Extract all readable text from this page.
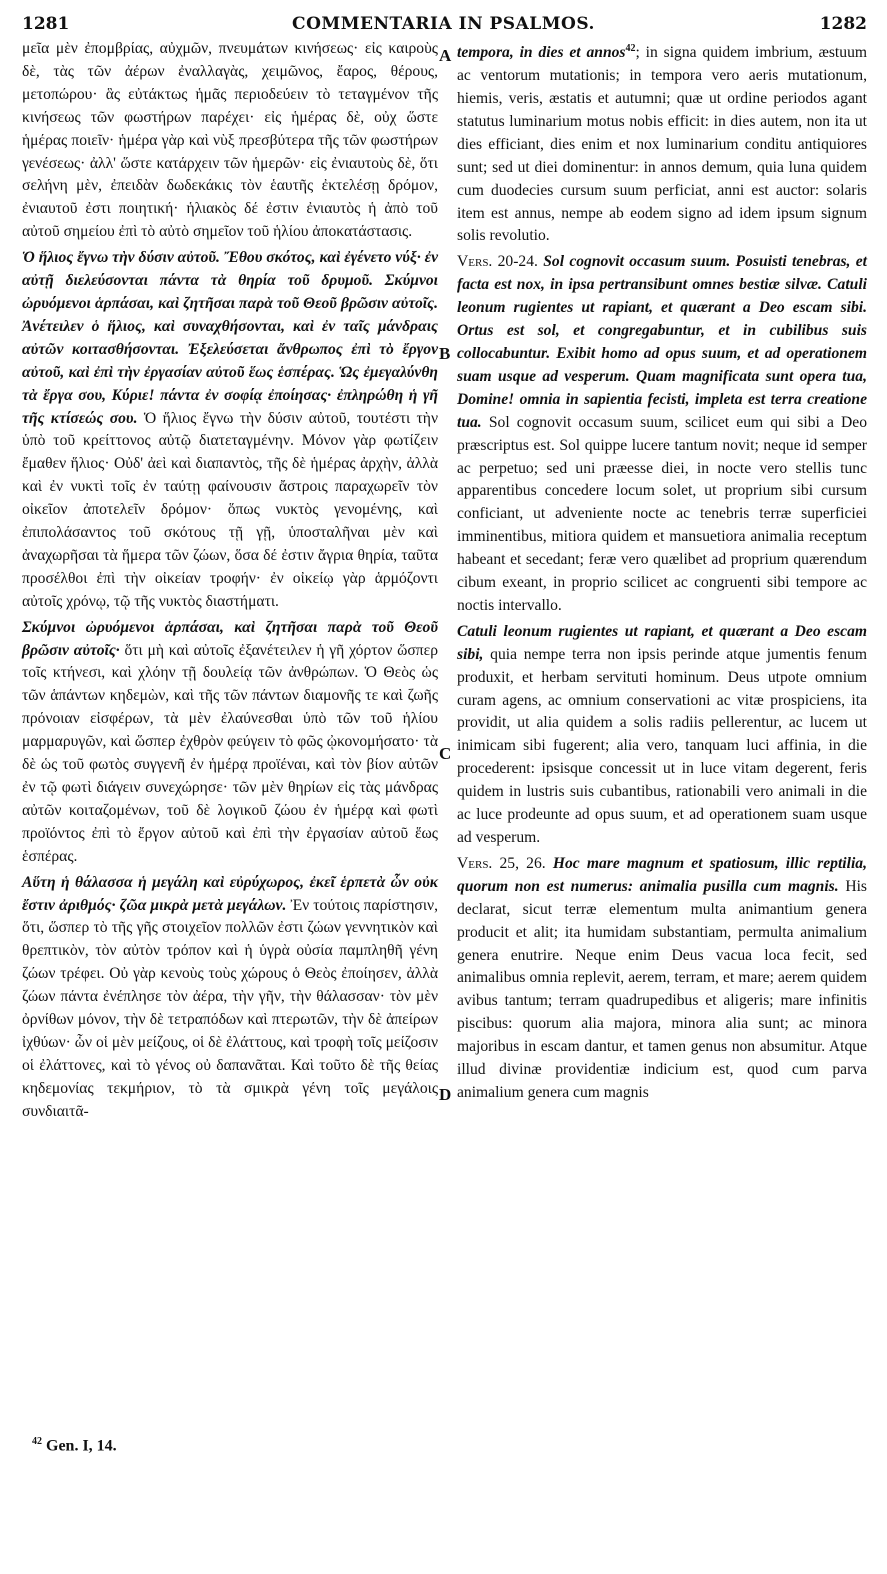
1281	COMMENTARIA IN PSALMOS.	1282
A
B
C
D

μεῖα μὲν ἐπομβρίας, αὐχμῶν, πνευμάτων κινήσεως· εἰς καιροὺς δὲ, τὰς τῶν ἀέρων ἐναλλαγὰς, χειμῶνος, ἔαρος, θέρους, μετοπώρου· ἃς εὐτάκτως ἡμᾶς περιοδεύειν τὸ τεταγμένον τῆς κινήσεως τῶν φωστήρων παρέχει· εἰς ἡμέρας δὲ, οὐχ ὥστε ἡμέρας ποιεῖν· ἡμέρα γὰρ καὶ νὺξ πρεσβύτερα τῆς τῶν φωστήρων γενέσεως· ἀλλ' ὥστε κατάρχειν τῶν ἡμερῶν· εἰς ἐνιαυτοὺς δὲ, ὅτι σελήνη μὲν, ἐπειδὰν δωδεκάκις τὸν ἑαυτῆς ἐκτελέσῃ δρόμον, ἐνιαυτοῦ ἐστι ποιητική· ἡλιακὸς δέ ἐστιν ἐνιαυτὸς ἡ ἀπὸ τοῦ αὐτοῦ σημείου ἐπὶ τὸ αὐτὸ σημεῖον τοῦ ἡλίου ἀποκατάστασις.

Ὁ ἥλιος ἔγνω τὴν δύσιν αὐτοῦ. Ἔθου σκότος, καὶ ἐγένετο νύξ· ἐν αὐτῇ διελεύσονται πάντα τὰ θηρία τοῦ δρυμοῦ. Σκύμνοι ὠρυόμενοι ἁρπάσαι, καὶ ζητῆσαι παρὰ τοῦ Θεοῦ βρῶσιν αὐτοῖς. Ἀνέτειλεν ὁ ἥλιος, καὶ συναχθήσονται, καὶ ἐν ταῖς μάνδραις αὐτῶν κοιτασθήσονται. Ἐξελεύσεται ἄνθρωπος ἐπὶ τὸ ἔργον αὐτοῦ, καὶ ἐπὶ τὴν ἐργασίαν αὐτοῦ ἕως ἑσπέρας. Ὡς ἐμεγαλύνθη τὰ ἔργα σου, Κύριε! πάντα ἐν σοφίᾳ ἐποίησας· ἐπληρώθη ἡ γῆ τῆς κτίσεώς σου. Ὁ ἥλιος ἔγνω τὴν δύσιν αὐτοῦ, τουτέστι τὴν ὑπὸ τοῦ κρείττονος αὐτῷ διατεταγμένην. Μόνον γὰρ φωτίζειν ἔμαθεν ἥλιος· Οὐδ' ἀεὶ καὶ διαπαντὸς, τῆς δὲ ἡμέρας ἀρχὴν, ἀλλὰ καὶ ἐν νυκτὶ τοῖς ἐν ταύτῃ φαίνουσιν ἄστροις παραχωρεῖν τὸν οἰκεῖον ἀποτελεῖν δρόμον· ὅπως νυκτὸς γενομένης, καὶ ἐπιπολάσαντος τοῦ σκότους τῇ γῇ, ὑποσταλῆναι μὲν καὶ ἀναχωρῆσαι τὰ ἥμερα τῶν ζώων, ὅσα δέ ἐστιν ἄγρια θηρία, ταῦτα προσέλθοι ἐπὶ τὴν οἰκείαν τροφήν· ἐν οἰκείῳ γὰρ ἁρμόζοντι αὐτοῖς χρόνῳ, τῷ τῆς νυκτὸς διαστήματι.

Σκύμνοι ὠρυόμενοι ἁρπάσαι, καὶ ζητῆσαι παρὰ τοῦ Θεοῦ βρῶσιν αὐτοῖς· ὅτι μὴ καὶ αὐτοῖς ἐξανέτειλεν ἡ γῆ χόρτον ὥσπερ τοῖς κτήνεσι, καὶ χλόην τῇ δουλείᾳ τῶν ἀνθρώπων. Ὁ Θεὸς ὡς τῶν ἁπάντων κηδεμὼν, καὶ τῆς τῶν πάντων διαμονῆς τε καὶ ζωῆς πρόνοιαν εἰσφέρων, τὰ μὲν ἐλαύνεσθαι ὑπὸ τῶν τοῦ ἡλίου μαρμαρυγῶν, καὶ ὥσπερ ἐχθρὸν φεύγειν τὸ φῶς ᾠκονομήσατο· τὰ δὲ ὡς τοῦ φωτὸς συγγενῆ ἐν ἡμέρᾳ προϊέναι, καὶ τὸν βίον αὐτῶν ἐν τῷ φωτὶ διάγειν συνεχώρησε· τῶν μὲν θηρίων εἰς τὰς μάνδρας αὐτῶν κοιταζομένων, τοῦ δὲ λογικοῦ ζώου ἐν ἡμέρᾳ καὶ φωτὶ προϊόντος ἐπὶ τὸ ἔργον αὐτοῦ καὶ ἐπὶ τὴν ἐργασίαν αὐτοῦ ἕως ἑσπέρας.

Αὕτη ἡ θάλασσα ἡ μεγάλη καὶ εὐρύχωρος, ἐκεῖ ἑρπετὰ ὧν οὐκ ἔστιν ἀριθμός· ζῶα μικρὰ μετὰ μεγάλων. Ἐν τούτοις παρίστησιν, ὅτι, ὥσπερ τὸ τῆς γῆς στοιχεῖον πολλῶν ἐστι ζώων γεννητικὸν καὶ θρεπτικὸν, τὸν αὐτὸν τρόπον καὶ ἡ ὑγρὰ οὐσία παμπληθῆ γένη ζώων τρέφει. Οὐ γὰρ κενοὺς τοὺς χώρους ὁ Θεὸς ἐποίησεν, ἀλλὰ ζώων πάντα ἐνέπλησε τὸν ἀέρα, τὴν γῆν, τὴν θάλασσαν· τὸν μὲν ὀρνίθων μόνον, τὴν δὲ τετραπόδων καὶ πτερωτῶν, τὴν δὲ ἀπείρων ἰχθύων· ὧν οἱ μὲν μείζους, οἱ δὲ ἐλάττους, καὶ τροφὴ τοῖς μείζοσιν οἱ ἐλάττονες, καὶ τὸ γένος οὐ δαπανᾶται. Καὶ τοῦτο δὲ τῆς θείας κηδεμονίας τεκμήριον, τὸ τὰ σμικρὰ γένη τοῖς μεγάλοις συνδιαιτᾶ-

tempora, in dies et annos$^{42}$; in signa quidem imbrium, æstuum ac ventorum mutationis; in tempora vero aeris mutationum, hiemis, veris, æstatis et autumni; quæ ut ordine periodos agant statutus luminarium motus nobis efficit: in dies autem, non ita ut dies efficiant, dies enim et nox luminarium conditu antiquiores sunt; sed ut diei dominentur: in annos demum, quia luna quidem cum duodecies cursum suum perficiat, anni est auctor: solaris item est annus, nempe ab eodem signo ad idem ipsum signum solis revolutio.

Vers. 20-24. Sol cognovit occasum suum. Posuisti tenebras, et facta est nox, in ipsa pertransibunt omnes bestiæ silvæ. Catuli leonum rugientes ut rapiant, et quærant a Deo escam sibi. Ortus est sol, et congregabuntur, et in cubilibus suis collocabuntur. Exibit homo ad opus suum, et ad operationem suam usque ad vesperum. Quam magnificata sunt opera tua, Domine! omnia in sapientia fecisti, impleta est terra creatione tua. Sol cognovit occasum suum, scilicet eum qui sibi a Deo præscriptus est. Sol quippe lucere tantum novit; neque id semper ac perpetuo; sed uni præesse diei, in nocte vero stellis tunc apparentibus concedere locum solet, ut proprium sibi cursum conficiant, ut adveniente nocte ac tenebris terræ superficiei imminentibus, mitiora quidem et mansuetiora animalia receptum habeant et secedant; feræ vero quælibet ad proprium quærendum cibum exeant, in proprio scilicet ac congruenti sibi tempore ac noctis intervallo.

Catuli leonum rugientes ut rapiant, et quærant a Deo escam sibi, quia nempe terra non ipsis perinde atque jumentis fenum produxit, et herbam servituti hominum. Deus utpote omnium curam agens, ac omnium conservationi ac vitæ prospiciens, ita providit, ut alia quidem a solis radiis pellerentur, ac lucem ut inimicam sibi fugerent; alia vero, tanquam luci affinia, in die procederent: ipsisque concessit ut in luce vitam degerent, feris quidem in lustris suis cubantibus, rationabili vero animali in die ac luce prodeunte ad opus suum, et ad operationem suam usque ad vesperum.

Vers. 25, 26. Hoc mare magnum et spatiosum, illic reptilia, quorum non est numerus: animalia pusilla cum magnis. His declarat, sicut terræ elementum multa animantium genera producit et alit; ita humidam substantiam, permulta animalium genera enutrire. Neque enim Deus vacua loca fecit, sed animalibus omnia replevit, aerem, terram, et mare; aerem quidem avibus tantum; terram quadrupedibus et aligeris; mare infinitis piscibus: quorum alia majora, minora alia sunt; ac minora majoribus in escam dantur, et tamen genus non absumitur. Atque illud divinæ providentiæ indicium est, quod cum parva animalium genera cum magnis

$^{42}$ Gen. I, 14.
